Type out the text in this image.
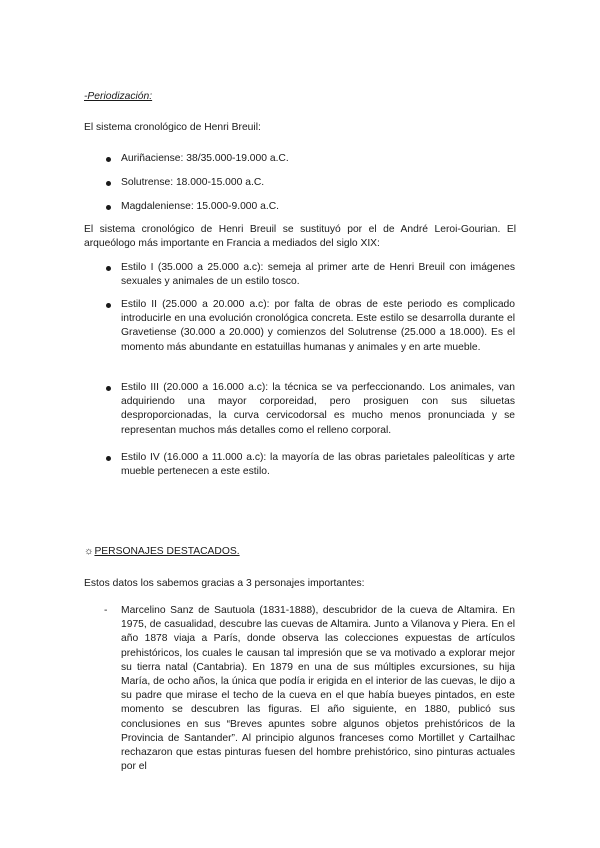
-Periodización:
El sistema cronológico de Henri Breuil:
Auriñaciense: 38/35.000-19.000 a.C.
Solutrense: 18.000-15.000 a.C.
Magdaleniense: 15.000-9.000 a.C.
El sistema cronológico de Henri Breuil se sustituyó por el de André Leroi-Gourian. El arqueólogo más importante en Francia a mediados del siglo XIX:
Estilo I (35.000 a 25.000 a.c): semeja al primer arte de Henri Breuil con imágenes sexuales y animales de un estilo tosco.
Estilo II (25.000 a 20.000 a.c): por falta de obras de este periodo es complicado introducirle en una evolución cronológica concreta. Este estilo se desarrolla durante el Gravetiense (30.000 a 20.000) y comienzos del Solutrense (25.000 a 18.000). Es el momento más abundante en estatuillas humanas y animales y en arte mueble.
Estilo III (20.000 a 16.000 a.c): la técnica se va perfeccionando. Los animales, van adquiriendo una mayor corporeidad, pero prosiguen con sus siluetas desproporcionadas, la curva cervicodorsal es mucho menos pronunciada y se representan muchos más detalles como el relleno corporal.
Estilo IV (16.000 a 11.000 a.c): la mayoría de las obras parietales paleolíticas y arte mueble pertenecen a este estilo.
☼PERSONAJES DESTACADOS.
Estos datos los sabemos gracias a 3 personajes importantes:
- Marcelino Sanz de Sautuola (1831-1888), descubridor de la cueva de Altamira. En 1975, de casualidad, descubre las cuevas de Altamira. Junto a Vilanova y Piera. En el año 1878 viaja a París, donde observa las colecciones expuestas de artículos prehistóricos, los cuales le causan tal impresión que se va motivado a explorar mejor su tierra natal (Cantabria). En 1879 en una de sus múltiples excursiones, su hija María, de ocho años, la única que podía ir erigida en el interior de las cuevas, le dijo a su padre que mirase el techo de la cueva en el que había bueyes pintados, en este momento se descubren las figuras. El año siguiente, en 1880, publicó sus conclusiones en sus “Breves apuntes sobre algunos objetos prehistóricos de la Provincia de Santander”. Al principio algunos franceses como Mortillet y Cartailhac rechazaron que estas pinturas fuesen del hombre prehistórico, sino pinturas actuales por el
